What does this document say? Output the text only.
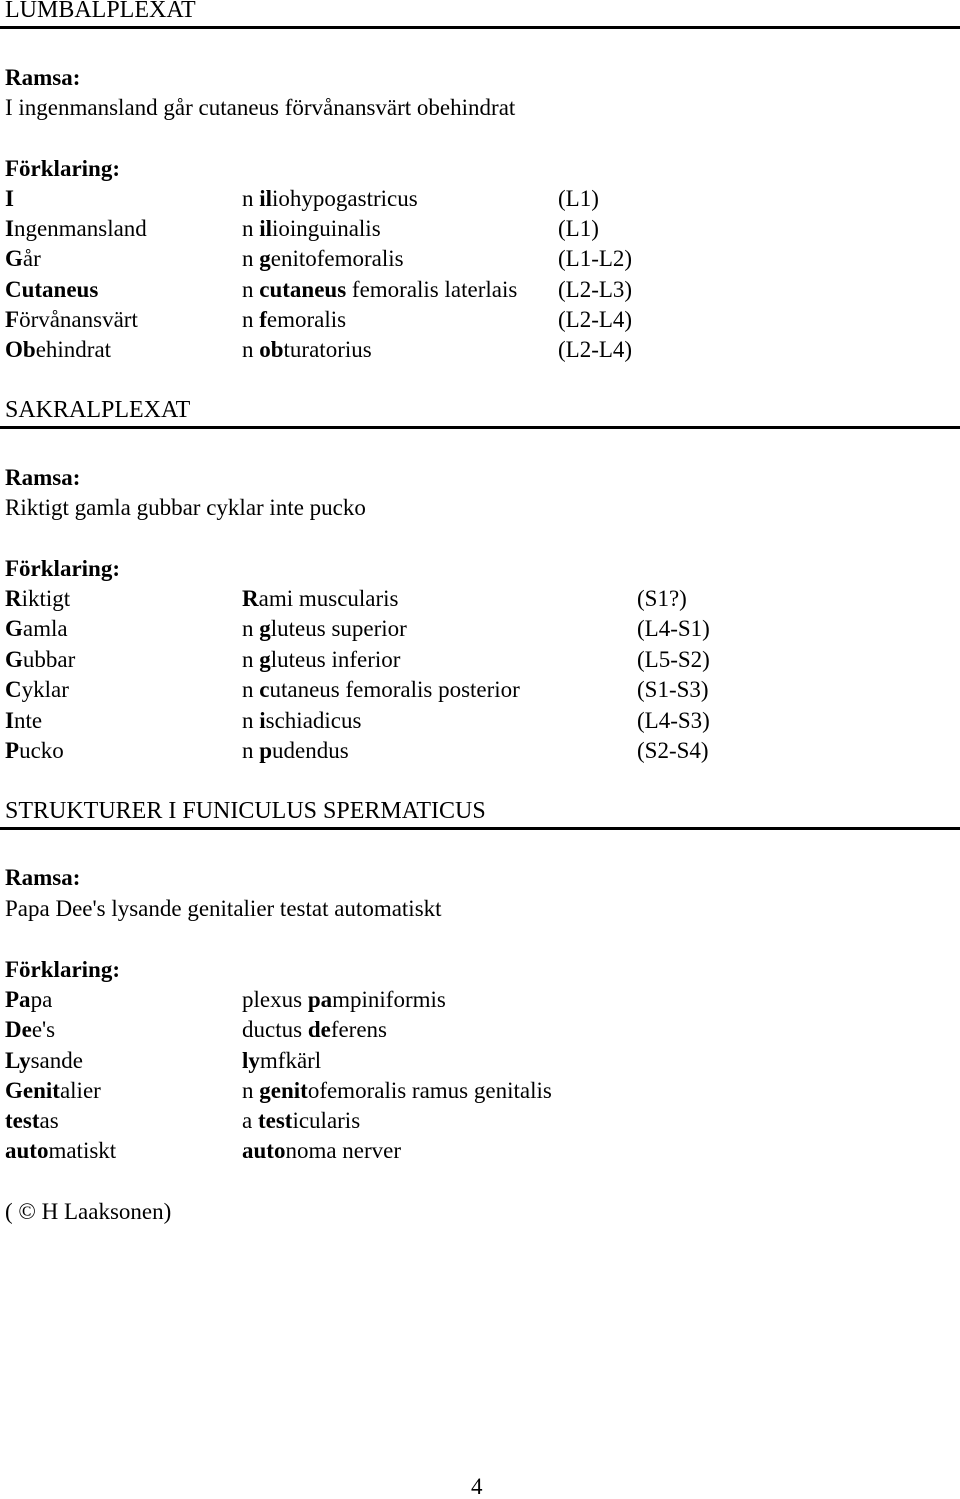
LUMBALPLEXAT
Ramsa:
I ingenmansland går cutaneus förvånansvärt obehindrat
Förklaring:
I	n iliohypogastricus	(L1)
Ingenmansland	n ilioinguinalis	(L1)
Går	n genitofemoralis	(L1-L2)
Cutaneus	n cutaneus femoralis laterlais (L2-L3)
Förvånansvärt	n femoralis	(L2-L4)
Obehindrat	n obturatorius	(L2-L4)
SAKRALPLEXAT
Ramsa:
Riktigt gamla gubbar cyklar inte pucko
Förklaring:
Riktigt	Rami muscularis	(S1?)
Gamla	n gluteus superior	(L4-S1)
Gubbar	n gluteus inferior	(L5-S2)
Cyklar	n cutaneus femoralis posterior	(S1-S3)
Inte	n ischiadicus	(L4-S3)
Pucko	n pudendus	(S2-S4)
STRUKTURER I FUNICULUS SPERMATICUS
Ramsa:
Papa Dee's lysande genitalier testat automatiskt
Förklaring:
Papa	plexus pampiniformis
Dee's	ductus deferens
Lysande	lymfkärl
Genitalier	n genitofemoralis ramus genitalis
testas	a testicularis
automatiskt	autonoma nerver
( © H Laaksonen)
4
